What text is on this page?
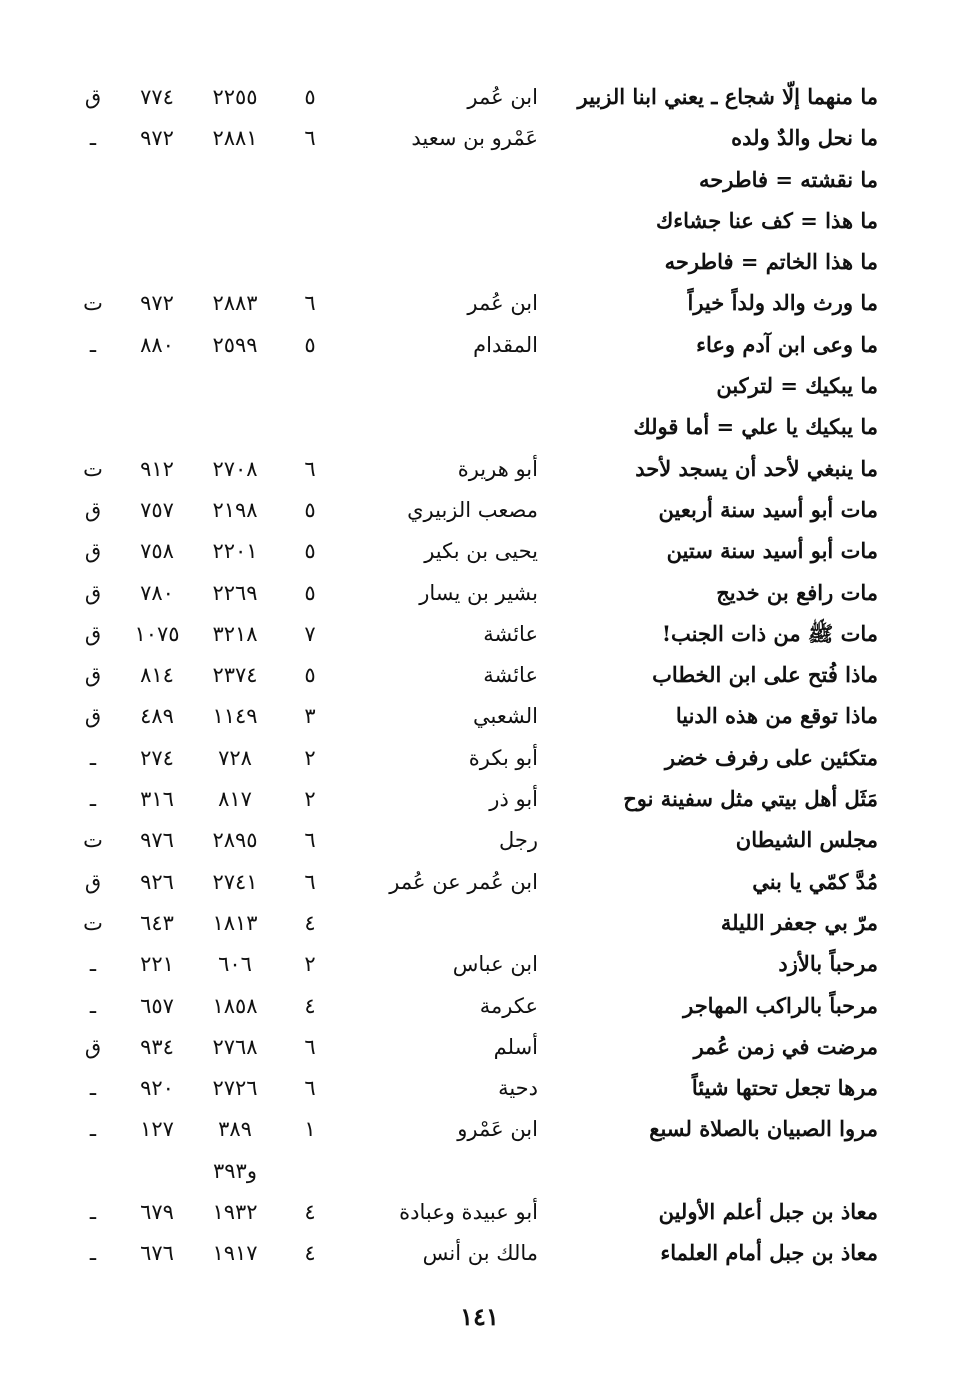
ما منهما إلّا شجاع ـ يعني ابنا الزبير
ابن عُمر
٥
٢٢٥٥
٧٧٤
ق
ما نحل والدٌ ولده
عَمْرو بن سعيد
٦
٢٨٨١
٩٧٢
ـ
ما نقشته = فاطرحه
ما هذا = كف عنا جشاءك
ما هذا الخاتم = فاطرحه
ما ورث والد ولداً خيراً
ابن عُمر
٦
٢٨٨٣
٩٧٢
ت
ما وعى ابن آدم وعاء
المقدام
٥
٢٥٩٩
٨٨٠
ـ
ما يبكيك = لتركبن
ما يبكيك يا علي = أما قولك
ما ينبغي لأحد أن يسجد لأحد
أبو هريرة
٦
٢٧٠٨
٩١٢
ت
مات أبو أسيد سنة أربعين
مصعب الزبيري
٥
٢١٩٨
٧٥٧
ق
مات أبو أسيد سنة ستين
يحيى بن بكير
٥
٢٢٠١
٧٥٨
ق
مات رافع بن خديج
بشير بن يسار
٥
٢٢٦٩
٧٨٠
ق
مات ﷺ من ذات الجنب!
عائشة
٧
٣٢١٨
١٠٧٥
ق
ماذا فُتح على ابن الخطاب
عائشة
٥
٢٣٧٤
٨١٤
ق
ماذا توقع من هذه الدنيا
الشعبي
٣
١١٤٩
٤٨٩
ق
متكئين على رفرف خضر
أبو بكرة
٢
٧٢٨
٢٧٤
ـ
مَثَل أهل بيتي مثل سفينة نوح
أبو ذر
٢
٨١٧
٣١٦
ـ
مجلس الشيطان
رجل
٦
٢٨٩٥
٩٧٦
ت
مُدَّ كمّي يا بني
ابن عُمر عن عُمر
٦
٢٧٤١
٩٢٦
ق
مرّ بي جعفر الليلة
٤
١٨١٣
٦٤٣
ت
مرحباً بالأزد
ابن عباس
٢
٦٠٦
٢٢١
ـ
مرحباً بالراكب المهاجر
عكرمة
٤
١٨٥٨
٦٥٧
ـ
مرضت في زمن عُمر
أسلم
٦
٢٧٦٨
٩٣٤
ق
مرها تجعل تحتها شيئاً
دحية
٦
٢٧٢٦
٩٢٠
ـ
مروا الصبيان بالصلاة لسبع
ابن عَمْرو
١
٣٨٩
١٢٧
ـ
و٣٩٣
معاذ بن جبل أعلم الأولين
أبو عبيدة وعبادة
٤
١٩٣٢
٦٧٩
ـ
معاذ بن جبل أمام العلماء
مالك بن أنس
٤
١٩١٧
٦٧٦
ـ
١٤١
